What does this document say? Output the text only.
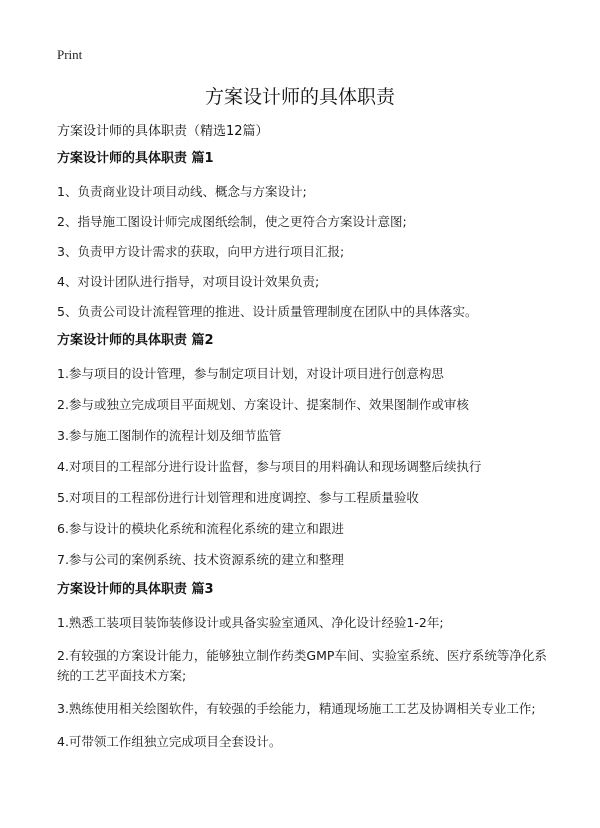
Print
方案设计师的具体职责

方案设计师的具体职责（精选12篇）

方案设计师的具体职责 篇1

1、负责商业设计项目动线、概念与方案设计;

2、指导施工图设计师完成图纸绘制，使之更符合方案设计意图;

3、负责甲方设计需求的获取，向甲方进行项目汇报;

4、对设计团队进行指导，对项目设计效果负责;

5、负责公司设计流程管理的推进、设计质量管理制度在团队中的具体落实。

方案设计师的具体职责 篇2

1.参与项目的设计管理，参与制定项目计划，对设计项目进行创意构思

2.参与或独立完成项目平面规划、方案设计、提案制作、效果图制作或审核

3.参与施工图制作的流程计划及细节监管

4.对项目的工程部分进行设计监督，参与项目的用料确认和现场调整后续执行

5.对项目的工程部份进行计划管理和进度调控、参与工程质量验收

6.参与设计的模块化系统和流程化系统的建立和跟进

7.参与公司的案例系统、技术资源系统的建立和整理

方案设计师的具体职责 篇3

1.熟悉工装项目装饰装修设计或具备实验室通风、净化设计经验1-2年;

2.有较强的方案设计能力，能够独立制作药类GMP车间、实验室系统、医疗系统等净化系统的工艺平面技术方案;

3.熟练使用相关绘图软件，有较强的手绘能力，精通现场施工工艺及协调相关专业工作;

4.可带领工作组独立完成项目全套设计。
